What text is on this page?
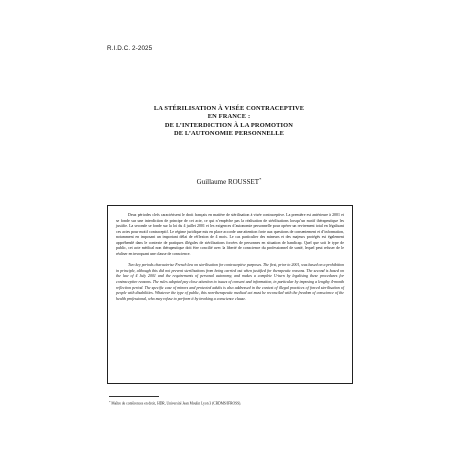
R.I.D.C. 2-2025
LA STÉRILISATION À VISÉE CONTRACEPTIVE
EN FRANCE :
DE L’INTERDICTION À LA PROMOTION
DE L’AUTONOMIE PERSONNELLE
Guillaume ROUSSET*

Deux périodes clefs caractérisent le droit français en matière de stérilisation à visée contraceptive. La première est antérieure à 2001 et se fonde sur une interdiction de principe de cet acte, ce qui n’empêche pas la réalisation de stérilisations lorsqu’un motif thérapeutique les justifie. La seconde se fonde sur la loi du 4 juillet 2001 et les exigences d’autonomie personnelle pour opérer un revirement total en légalisant ces actes pour motif contraceptif. Le régime juridique mis en place accorde une attention forte aux questions de consentement et d’information, notamment en imposant un important délai de réflexion de 4 mois. Le cas particulier des mineurs et des majeurs protégés est également appréhendé dans le contexte de pratiques illégales de stérilisations forcées de personnes en situation de handicap. Quel que soit le type de public, cet acte médical non thérapeutique doit être concilié avec la liberté de conscience du professionnel de santé, lequel peut refuser de le réaliser en invoquant une clause de conscience.

Two key periods characterise French law on sterilisation for contraceptive purposes. The first, prior to 2001, was based on a prohibition in principle, although this did not prevent sterilisations from being carried out when justified for therapeutic reasons. The second is based on the law of 4 July 2001 and the requirements of personal autonomy, and makes a complete U-turn by legalising these procedures for contraceptive reasons. The rules adopted pay close attention to issues of consent and information, in particular by imposing a lengthy 4-month reflection period. The specific case of minors and protected adults is also addressed in the context of illegal practices of forced sterilisation of people with disabilities. Whatever the type of public, this non-therapeutic medical act must be reconciled with the freedom of conscience of the health professional, who may refuse to perform it by invoking a conscience clause.

* Maître de conférences en droit, HDR, Université Jean Moulin Lyon 3 (CRDMS/IFROSS).
